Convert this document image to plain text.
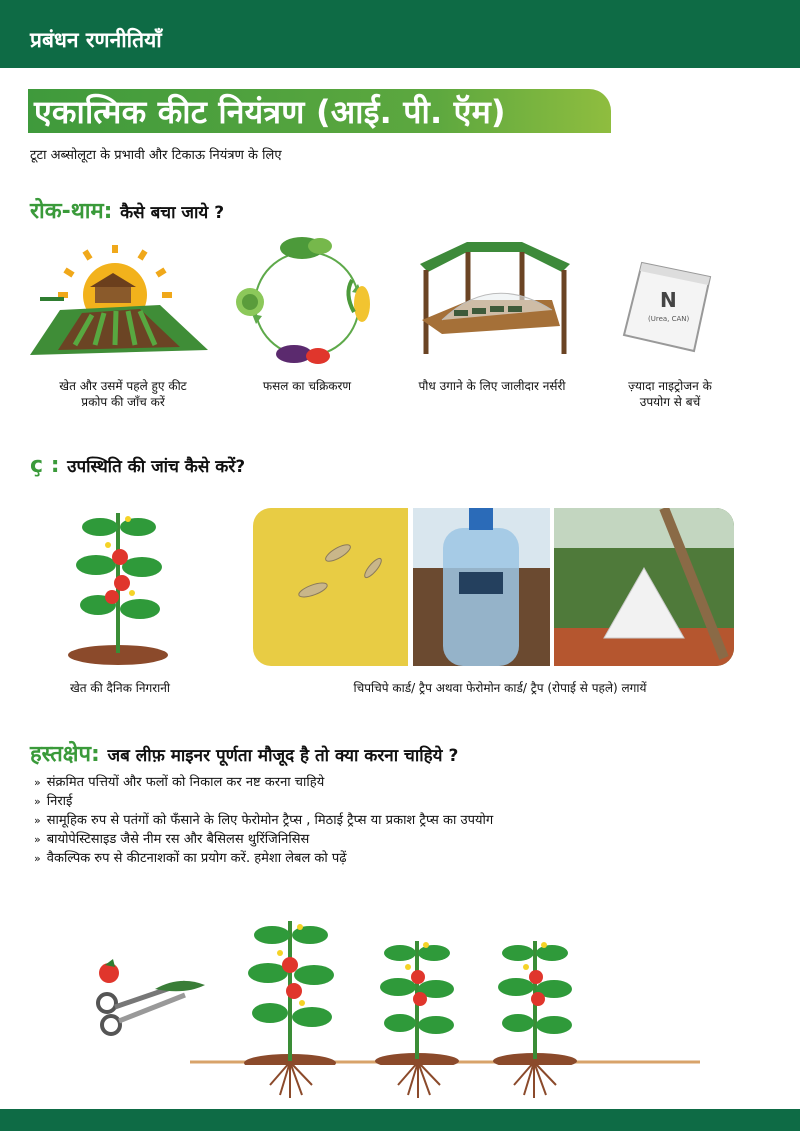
प्रबंधन रणनीतियाँ
एकात्मिक कीट नियंत्रण (आई. पी. ऍम)
टूटा अब्सोलूटा के प्रभावी और टिकाऊ नियंत्रण के लिए
रोक-थाम: कैसे बचा जाये ?
N
(Urea, CAN)
खेत और उसमें पहले हुए कीट
प्रकोप की जाँच करें
फसल का चक्रिकरण	पौध उगाने के लिए जालीदार नर्सरी	ज़्यादा नाइट्रोजन के
उपयोग से बचें
ç : उपस्थिति की जांच कैसे करें?
खेत की दैनिक निगरानी	चिपचिपे कार्ड/ ट्रैप अथवा फेरोमोन कार्ड/ ट्रैप (रोपाई से पहले) लगायें
हस्तक्षेप: जब लीफ़ माइनर पूर्णता मौजूद है तो क्या करना चाहिये ?
» संक्रमित पत्तियों और फलों को निकाल कर नष्ट करना चाहिये
» निराई
» सामूहिक रुप से पतंगों को फँसाने के लिए फेरोमोन ट्रैप्स , मिठाई ट्रैप्स या प्रकाश ट्रैप्स का उपयोग
» बायोपेस्टिसाइड जैसे नीम रस और बैसिलस थुरिंजिनिसिस
» वैकल्पिक रुप से कीटनाशकों का प्रयोग करें. हमेशा लेबल को पढ़ें
